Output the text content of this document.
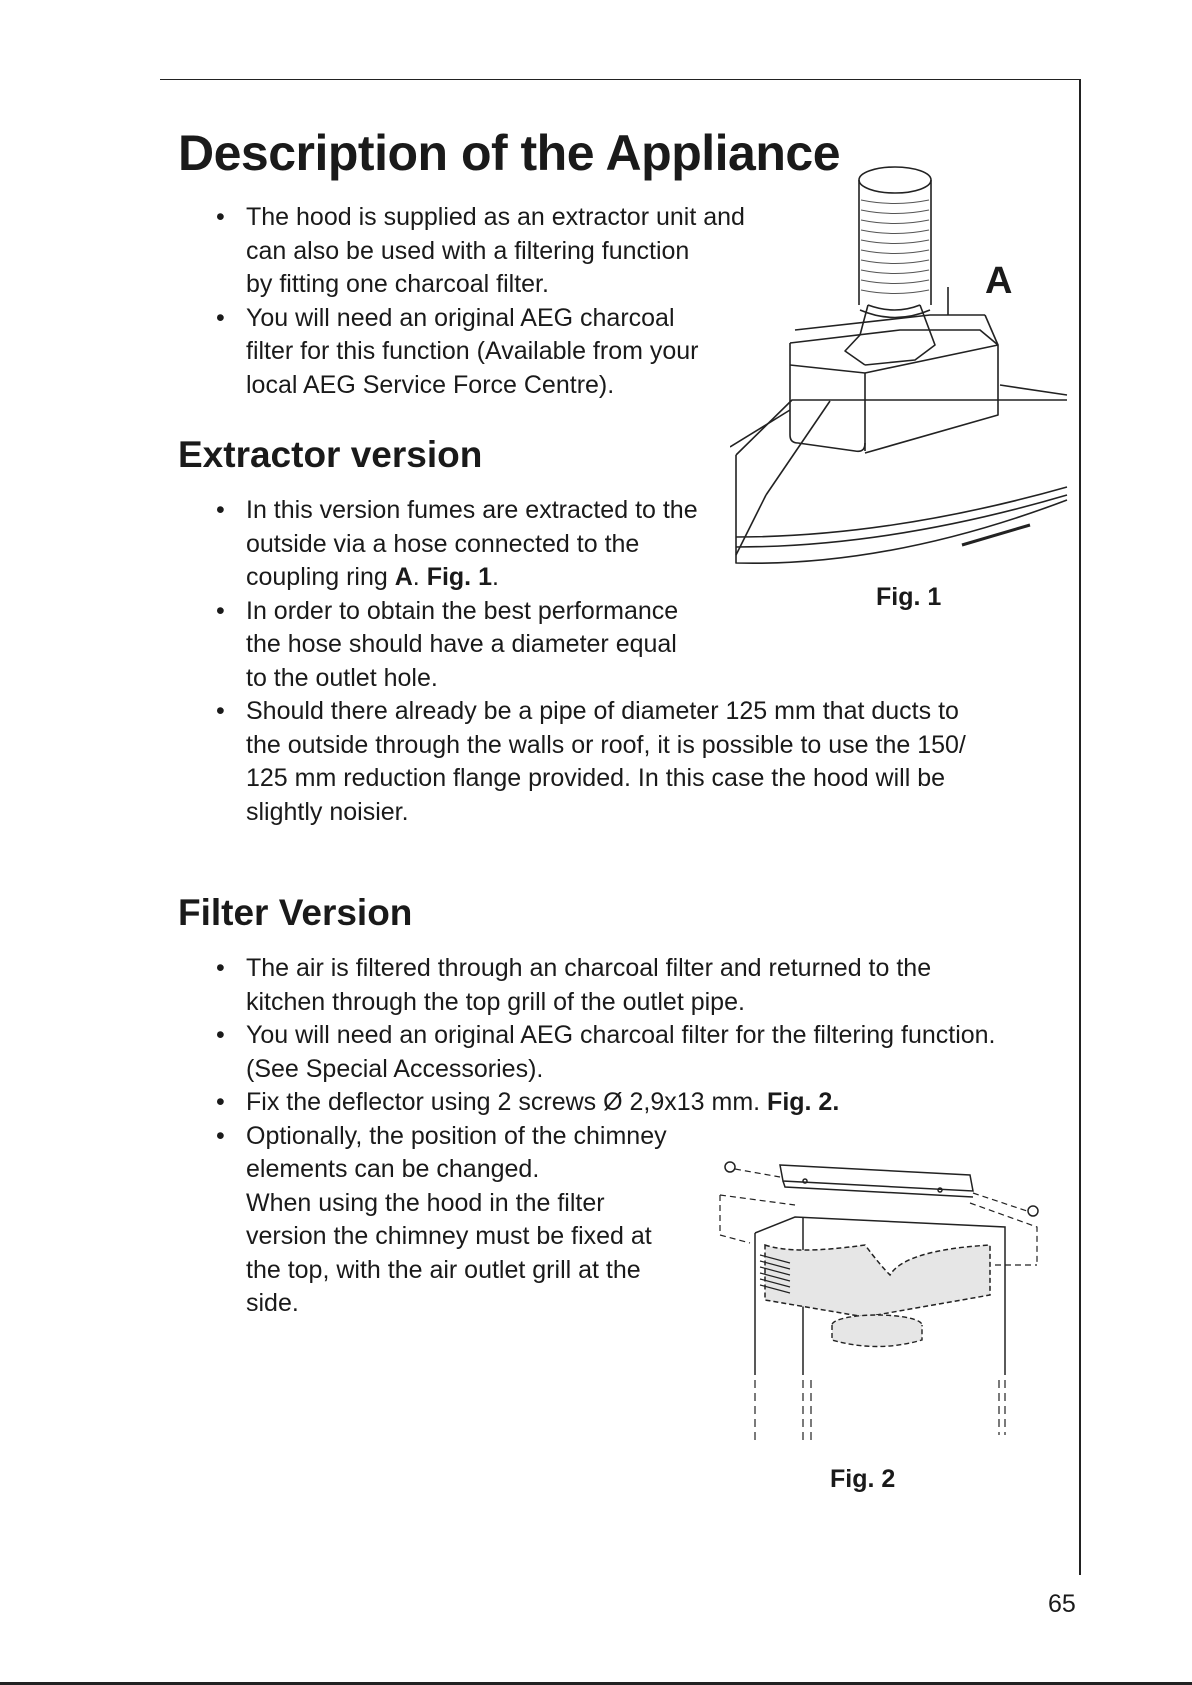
Description of the Appliance
• The hood is supplied as an extractor unit and
can also be used with a filtering function
by fitting one charcoal filter.
• You will need an original AEG charcoal
filter for this function (Available from your
local AEG Service Force Centre).
Extractor version
• In this version fumes are extracted to the
outside via a hose connected to the
coupling ring A. Fig. 1.
• In order to obtain the best performance
the hose should have a diameter equal
to the outlet hole.
• Should there already be a pipe of diameter 125 mm that ducts to
the outside through the walls or roof, it is possible to use the 150/
125 mm reduction flange provided. In this case the hood will be
slightly noisier.
Filter Version
• The air is filtered through an charcoal filter and returned to the
kitchen through the top grill of the outlet pipe.
• You will need an original AEG charcoal filter for the filtering function.
(See Special Accessories).
• Fix the deflector using 2 screws Ø 2,9x13 mm. Fig. 2.
• Optionally, the position of the chimney
elements can be changed.
When using the hood in the filter
version the chimney must be fixed at
the top, with the air outlet grill at the
side.
A
Fig. 1
Fig. 2
65
